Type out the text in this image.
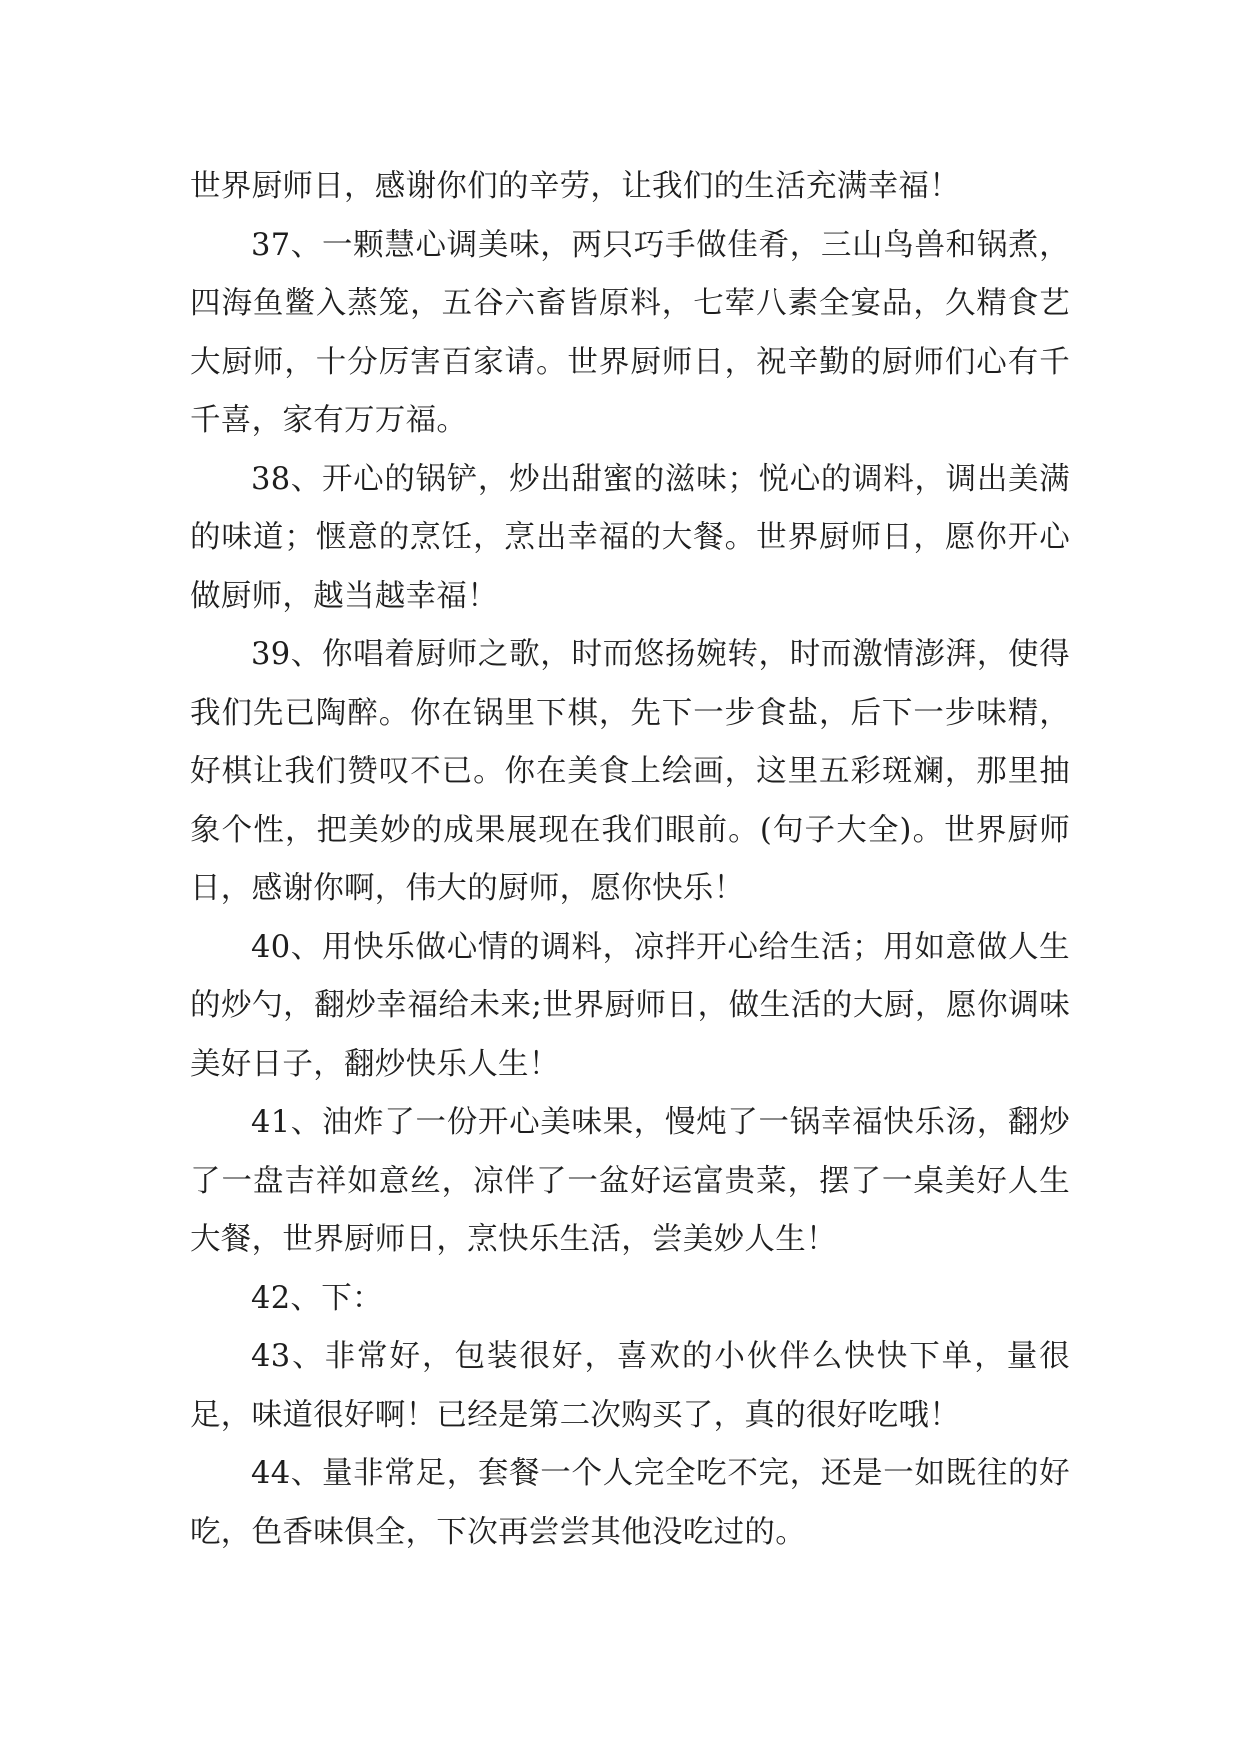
世界厨师日，感谢你们的辛劳，让我们的生活充满幸福！

37、一颗慧心调美味，两只巧手做佳肴，三山鸟兽和锅煮，四海鱼鳖入蒸笼，五谷六畜皆原料，七荤八素全宴品，久精食艺大厨师，十分厉害百家请。世界厨师日，祝辛勤的厨师们心有千千喜，家有万万福。

38、开心的锅铲，炒出甜蜜的滋味；悦心的调料，调出美满的味道；惬意的烹饪，烹出幸福的大餐。世界厨师日，愿你开心做厨师，越当越幸福！

39、你唱着厨师之歌，时而悠扬婉转，时而激情澎湃，使得我们先已陶醉。你在锅里下棋，先下一步食盐，后下一步味精，好棋让我们赞叹不已。你在美食上绘画，这里五彩斑斓，那里抽象个性，把美妙的成果展现在我们眼前。(句子大全)。世界厨师日，感谢你啊，伟大的厨师，愿你快乐！

40、用快乐做心情的调料，凉拌开心给生活；用如意做人生的炒勺，翻炒幸福给未来;世界厨师日，做生活的大厨，愿你调味美好日子，翻炒快乐人生！

41、油炸了一份开心美味果，慢炖了一锅幸福快乐汤，翻炒了一盘吉祥如意丝，凉伴了一盆好运富贵菜，摆了一桌美好人生大餐，世界厨师日，烹快乐生活，尝美妙人生！

42、下：

43、非常好，包装很好，喜欢的小伙伴么快快下单，量很足，味道很好啊！已经是第二次购买了，真的很好吃哦！

44、量非常足，套餐一个人完全吃不完，还是一如既往的好吃，色香味俱全，下次再尝尝其他没吃过的。
